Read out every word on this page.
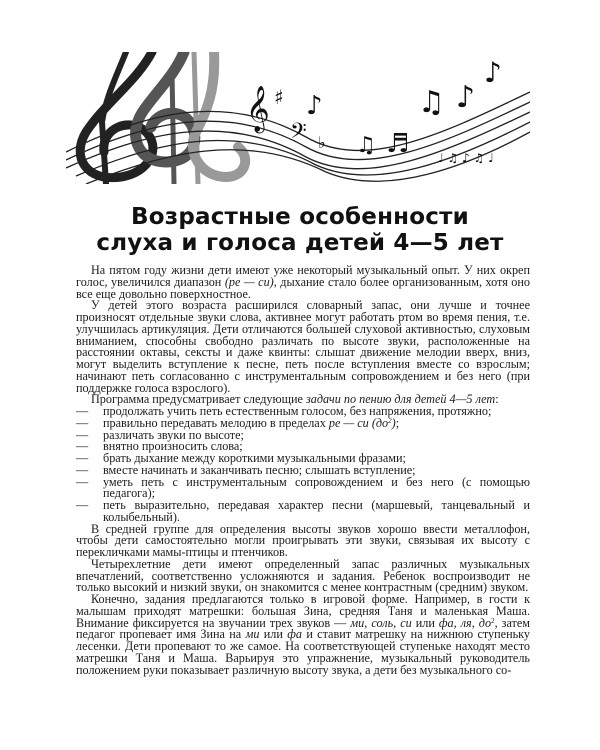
𝄞 ♯
𝄢 ♭
♪
♫ ♬
♫ ♪
♪
♩ ♫ ♪ ♫ ♩
Возрастные особенности
слуха и голоса детей 4—5 лет

На пятом году жизни дети имеют уже некоторый музыкальный опыт. У них окреп голос, увеличился диапазон (ре — си), дыхание стало более организованным, хотя оно все еще довольно поверхностное.

У детей этого возраста расширился словарный запас, они лучше и точнее произносят отдельные звуки слова, активнее могут работать ртом во время пения, т.е. улучшилась артикуляция. Дети отличаются большей слуховой активностью, слуховым вниманием, способны свободно различать по высоте звуки, расположенные на расстоянии октавы, сексты и даже квинты: слышат движение мелодии вверх, вниз, могут выделить вступление к песне, петь после вступления вместе со взрослым; начинают петь согласованно с инструментальным сопровождением и без него (при поддержке голоса взрослого).

Программа предусматривает следующие задачи по пению для детей 4—5 лет:

— продолжать учить петь естественным голосом, без напряжения, протяжно;
— правильно передавать мелодию в пределах ре — си $(до^2)$;
— различать звуки по высоте;
— внятно произносить слова;
— брать дыхание между короткими музыкальными фразами;
— вместе начинать и заканчивать песню; слышать вступление;
— уметь петь с инструментальным сопровождением и без него (с помощью педагога);
— петь выразительно, передавая характер песни (маршевый, танцевальный и колыбельный).

В средней группе для определения высоты звуков хорошо ввести металлофон, чтобы дети самостоятельно могли проигрывать эти звуки, связывая их высоту с перекличками мамы-птицы и птенчиков.

Четырехлетние дети имеют определенный запас различных музыкальных впечатлений, соответственно усложняются и задания. Ребенок воспроизводит не только высокий и низкий звуки, он знакомится с менее контрастным (средним) звуком.

Конечно, задания предлагаются только в игровой форме. Например, в гости к малышам приходят матрешки: большая Зина, средняя Таня и маленькая Маша. Внимание фиксируется на звучании трех звуков — ми, соль, си или фа, ля, $до^2$, затем педагог пропевает имя Зина на ми или фа и ставит матрешку на нижнюю ступеньку лесенки. Дети пропевают то же самое. На соответствующей ступеньке находят место матрешки Таня и Маша. Варьируя это упражнение, музыкальный руководитель положением руки показывает различную высоту звука, а дети без музыкального со-
